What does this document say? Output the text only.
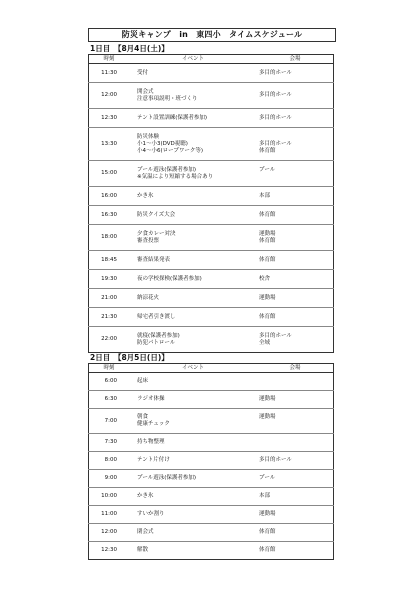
防災キャンプ　in　東四小　タイムスケジュール
1日目　【8月4日(土)】
時刻	イベント	会場
11:30	受付	多目的ホール

12:00	開会式
注意事項説明・班づくり	多目的ホール

12:30	テント設置訓練(保護者参加)	多目的ホール

13:30	防災体験
小1～小3(DVD視聴)
小4～小6(ロープワーク等)	多目的ホール
体育館

15:00	プール遊泳(保護者参加)
※気温により短縮する場合あり	プール

16:00	かき氷	本部

16:30	防災クイズ大会	体育館

18:00	夕食カレー対決
審査投票	運動場
体育館

18:45	審査結果発表	体育館

19:30	夜の学校探検(保護者参加)	校舎

21:00	納涼花火	運動場

21:30	帰宅者引き渡し	体育館

22:00	就寝(保護者参加)
防犯パトロール	多目的ホール
全域
2日目　【8月5日(日)】
時刻	イベント	会場
6:00	起床	

6:30	ラジオ体操	運動場

7:00	朝食
健康チェック	運動場

7:30	持ち物整理	

8:00	テント片付け	多目的ホール

9:00	プール遊泳(保護者参加)	プール

10:00	かき氷	本部

11:00	すいか割り	運動場

12:00	閉会式	体育館

12:30	解散	体育館
